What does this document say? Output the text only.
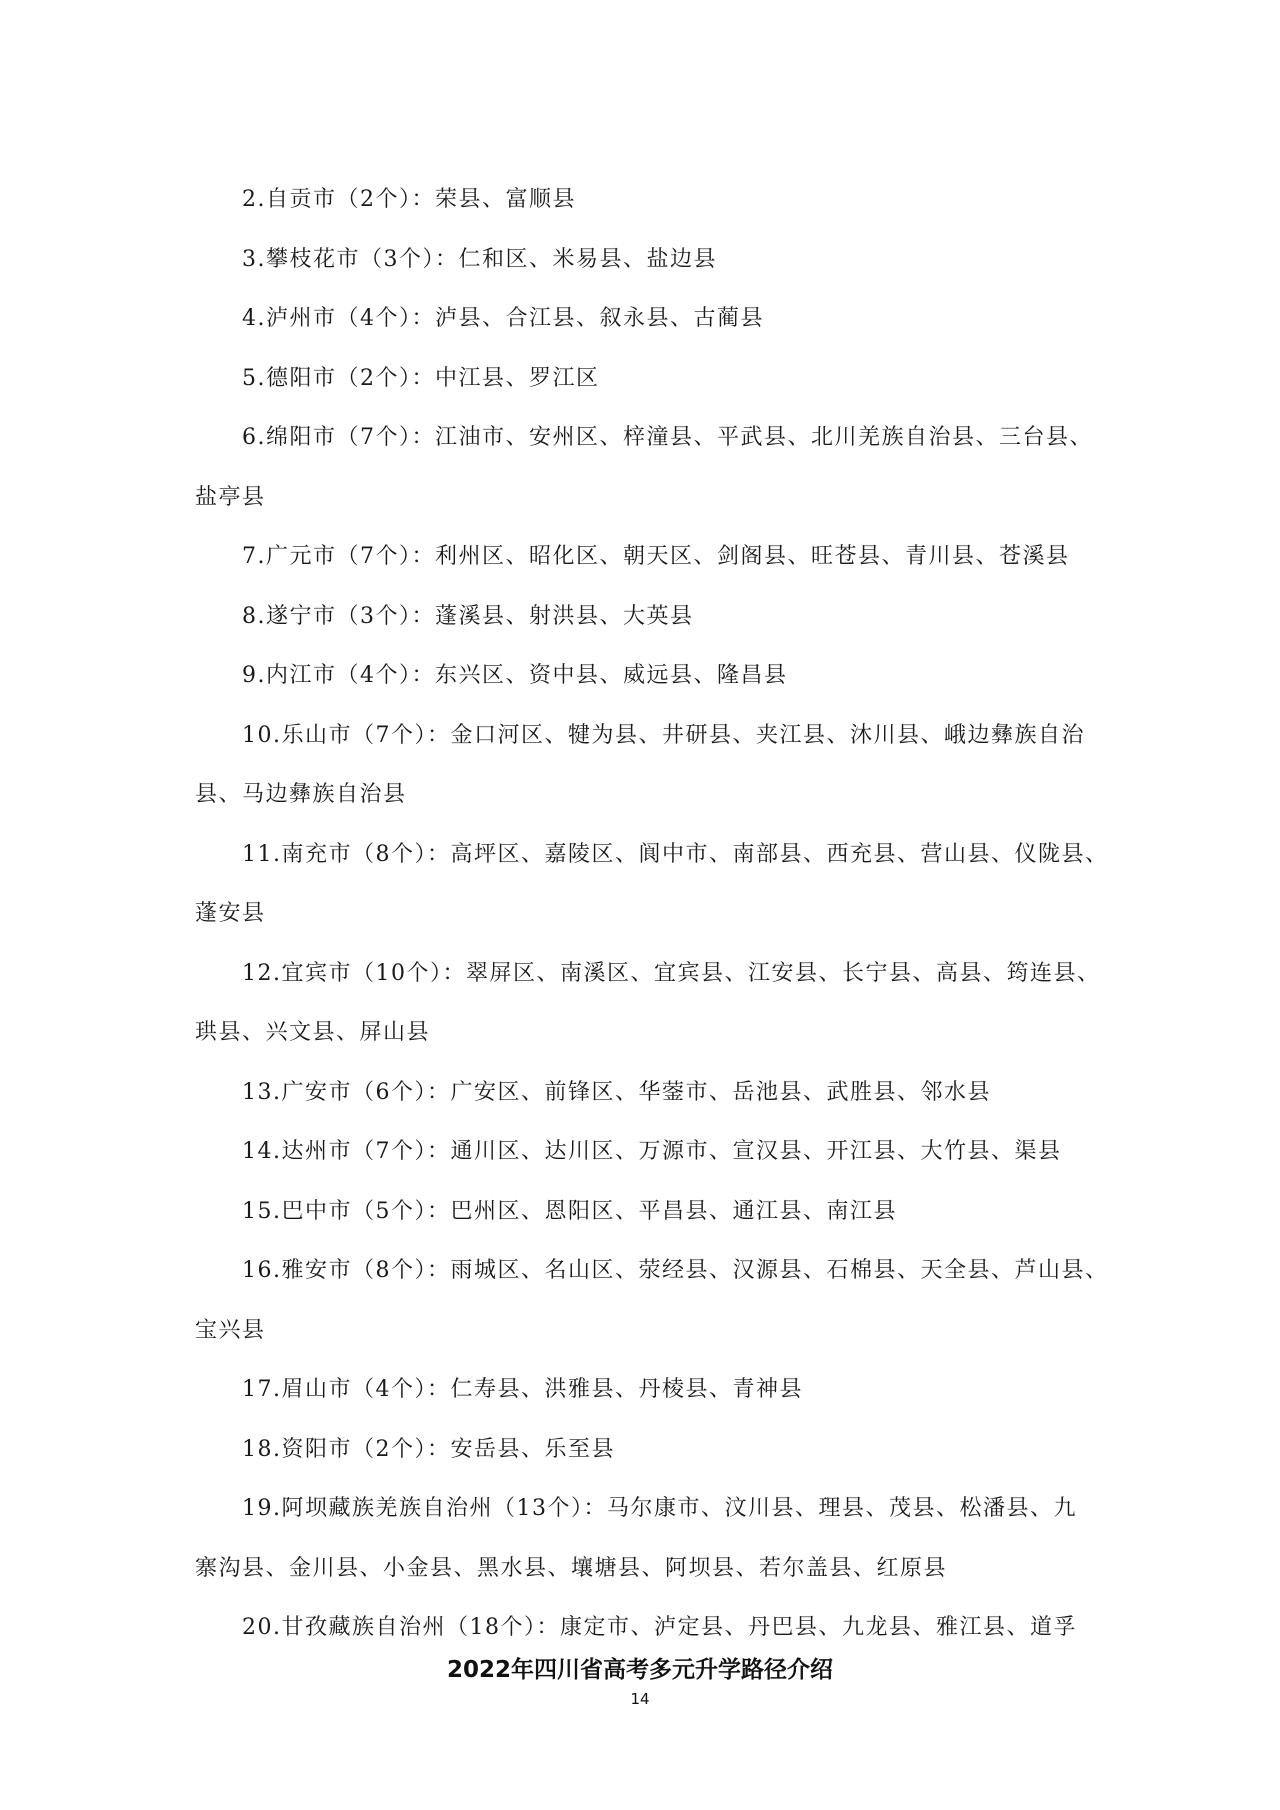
2.自贡市（2个）：荣县、富顺县
3.攀枝花市（3个）：仁和区、米易县、盐边县
4.泸州市（4个）：泸县、合江县、叙永县、古蔺县
5.德阳市（2个）：中江县、罗江区
6.绵阳市（7个）：江油市、安州区、梓潼县、平武县、北川羌族自治县、三台县、
盐亭县
7.广元市（7个）：利州区、昭化区、朝天区、剑阁县、旺苍县、青川县、苍溪县
8.遂宁市（3个）：蓬溪县、射洪县、大英县
9.内江市（4个）：东兴区、资中县、威远县、隆昌县
10.乐山市（7个）：金口河区、犍为县、井研县、夹江县、沐川县、峨边彝族自治
县、马边彝族自治县
11.南充市（8个）：高坪区、嘉陵区、阆中市、南部县、西充县、营山县、仪陇县、
蓬安县
12.宜宾市（10个）：翠屏区、南溪区、宜宾县、江安县、长宁县、高县、筠连县、
珙县、兴文县、屏山县
13.广安市（6个）：广安区、前锋区、华蓥市、岳池县、武胜县、邻水县
14.达州市（7个）：通川区、达川区、万源市、宣汉县、开江县、大竹县、渠县
15.巴中市（5个）：巴州区、恩阳区、平昌县、通江县、南江县
16.雅安市（8个）：雨城区、名山区、荥经县、汉源县、石棉县、天全县、芦山县、
宝兴县
17.眉山市（4个）：仁寿县、洪雅县、丹棱县、青神县
18.资阳市（2个）：安岳县、乐至县
19.阿坝藏族羌族自治州（13个）：马尔康市、汶川县、理县、茂县、松潘县、九
寨沟县、金川县、小金县、黑水县、壤塘县、阿坝县、若尔盖县、红原县
20.甘孜藏族自治州（18个）：康定市、泸定县、丹巴县、九龙县、雅江县、道孚
2022年四川省高考多元升学路径介绍
14
